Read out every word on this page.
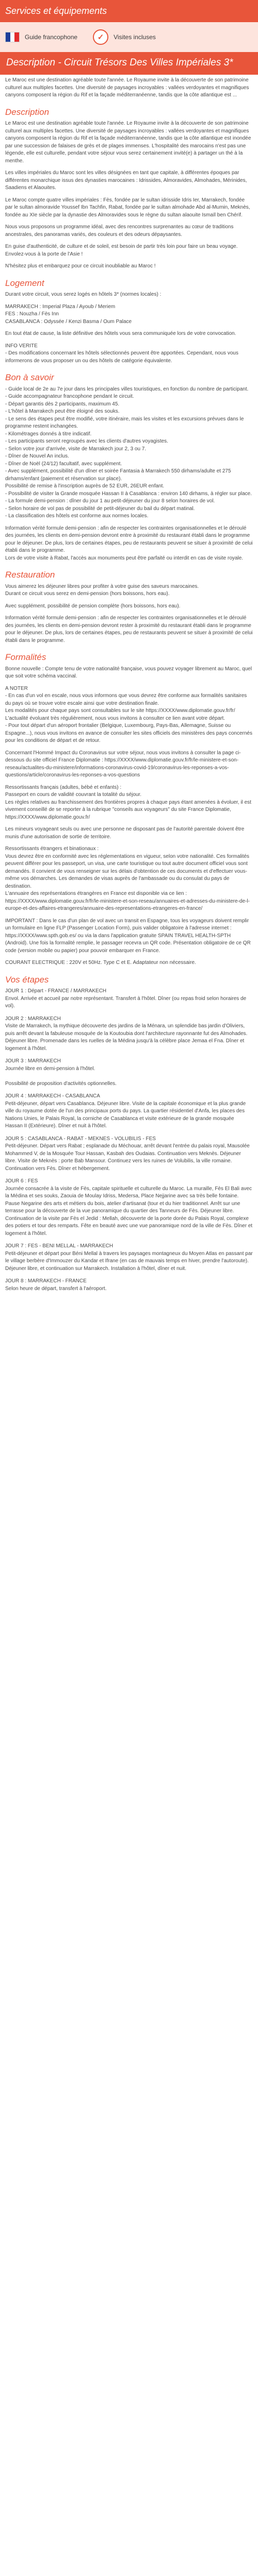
Services et équipements
Guide francophone	✓	Visites incluses
Description - Circuit Trésors Des Villes Impériales 3*

Le Maroc est une destination agréable toute l'année. Le Royaume invite à la découverte de son patrimoine culturel aux multiples facettes. Une diversité de paysages incroyables : vallées verdoyantes et magnifiques canyons composent la région du Rif et la façade méditerranéenne, tandis que la côte atlantique est ...

Description

Le Maroc est une destination agréable toute l'année. Le Royaume invite à la découverte de son patrimoine culturel aux multiples facettes. Une diversité de paysages incroyables : vallées verdoyantes et magnifiques canyons composent la région du Rif et la façade méditerranéenne, tandis que la côte atlantique est inondée par une succession de falaises de grès et de plages immenses. L'hospitalité des marocains n'est pas une légende, elle est culturelle, pendant votre séjour vous serez certainement invité(e) à partager un thé à la menthe.

Les villes impériales du Maroc sont les villes désignées en tant que capitale, à différentes époques par différentes monarchique issus des dynasties marocaines : Idrissides, Almoravides, Almohades, Mérinides, Saadiens et Alaouites.

Le Maroc compte quatre villes impériales : Fès, fondée par le sultan idrisside Idris Ier, Marrakech, fondée par le sultan almoravide Youssef Ibn Tachfin, Rabat, fondée par le sultan almohade Abd al-Mumin, Meknès, fondée au XIe siècle par la dynastie des Almoravides sous le règne du sultan alaouite Ismaïl ben Chérif.

Nous vous proposons un programme idéal, avec des rencontres surprenantes au cœur de traditions ancestrales, des panoramas variés, des couleurs et des odeurs dépaysantes.

En guise d'authenticité, de culture et de soleil, est besoin de partir très loin pour faire un beau voyage. Envolez-vous à la porte de l'Asie !

N'hésitez plus et embarquez pour ce circuit inoubliable au Maroc !

Logement

Durant votre circuit, vous serez logés en hôtels 3* (normes locales) :

MARRAKECH : Imperial Plaza / Ayoub / Meriem
FES : Nouzha / Fès Inn
CASABLANCA : Odyssée / Kenzi Basma / Oum Palace

En tout état de cause, la liste définitive des hôtels vous sera communiquée lors de votre convocation.

INFO VERITE
- Des modifications concernant les hôtels sélectionnés peuvent être apportées. Cependant, nous vous informerons de vous proposer un ou des hôtels de catégorie équivalente.

Bon à savoir

- Guide local de 2e au 7e jour dans les principales villes touristiques, en fonction du nombre de participant.
- Guide accompagnateur francophone pendant le circuit.
- Départ garantis dès 2 participants, maximum 45.
- L'hôtel à Marrakech peut être éloigné des souks.
- Le sens des étapes peut être modifié, votre itinéraire, mais les visites et les excursions prévues dans le programme restent inchangées.
- Kilométrages donnés à titre indicatif.
- Les participants seront regroupés avec les clients d'autres voyagistes.
- Selon votre jour d'arrivée, visite de Marrakech jour 2, 3 ou 7.
- Dîner de Nouvel An inclus.
- Dîner de Noël (24/12) facultatif, avec supplément.
- Avec supplément, possibilité d'un dîner et soirée Fantasia à Marrakech 550 dirhams/adulte et 275 dirhams/enfant (paiement et réservation sur place).
Possibilité de remise à l'inscription auprès de 52 EUR, 26EUR enfant.
- Possibilité de visiter la Grande mosquée Hassan II à Casablanca : environ 140 dirhams, à régler sur place.
- La formule demi-pension : dîner du jour 1 au petit-déjeuner du jour 8 selon horaires de vol.
- Selon horaire de vol pas de possibilité de petit-déjeuner du bail du départ matinal.
- La classification des hôtels est conforme aux normes locales.

Information vérité formule demi-pension : afin de respecter les contraintes organisationnelles et le déroulé des journées, les clients en demi-pension devront entre à proximité du restaurant établi dans le programme pour le déjeuner. De plus, lors de certaines étapes, peu de restaurants peuvent se situer à proximité de celui établi dans le programme.
Lors de votre visite à Rabat, l'accès aux monuments peut être parfaité ou interdit en cas de visite royale.

Restauration

Vous aimerez les déjeuner libres pour profiter à votre guise des saveurs marocaines.
Durant ce circuit vous serez en demi-pension (hors boissons, hors eau).

Avec supplément, possibilité de pension complète (hors boissons, hors eau).

Information vérité formule demi-pension : afin de respecter les contraintes organisationnelles et le déroulé des journées, les clients en demi-pension devront rester à proximité du restaurant établi dans le programme pour le déjeuner. De plus, lors de certaines étapes, peu de restaurants peuvent se situer à proximité de celui établi dans le programme.

Formalités

Bonne nouvelle : Compte tenu de votre nationalité française, vous pouvez voyager librement au Maroc, quel que soit votre schéma vaccinal.

A NOTER
- En cas d'un vol en escale, nous vous informons que vous devrez être conforme aux formalités sanitaires du pays où se trouve votre escale ainsi que votre destination finale.
Les modalités pour chaque pays sont consultables sur le site https://XXXX/www.diplomatie.gouv.fr/fr/ L'actualité évoluant très régulièrement, nous vous invitons à consulter ce lien avant votre départ.
- Pour tout départ d'un aéroport frontalier (Belgique, Luxembourg, Pays-Bas, Allemagne, Suisse ou Espagne...), nous vous invitons en avance de consulter les sites officiels des ministères des pays concernés pour les conditions de départ et de retour.

Concernant l'Hommé Impact du Coronavirus sur votre séjour, nous vous invitons à consulter la page ci-dessous du site officiel France Diplomatie : https://XXXX/www.diplomatie.gouv.fr/fr/le-ministere-et-son-reseau/actualites-du-ministere/informations-coronavirus-covid-19/coronavirus-les-reponses-a-vos-questions/article/coronavirus-les-reponses-a-vos-questions

Ressortissants français (adultes, bébé et enfants) :
Passeport en cours de validité couvrant la totalité du séjour.
Les règles relatives au franchissement des frontières propres à chaque pays étant amenées à évoluer, il est vivement conseillé de se reporter à la rubrique "conseils aux voyageurs" du site France Diplomatie, https://XXXX/www.diplomatie.gouv.fr/

Les mineurs voyageant seuls ou avec une personne ne disposant pas de l'autorité parentale doivent être munis d'une autorisation de sortie de territoire.

Ressortissants étrangers et binationaux :
Vous devrez être en conformité avec les réglementations en vigueur, selon votre nationalité. Ces formalités peuvent différer pour les passeport, un visa, une carte touristique ou tout autre document officiel vous sont demandés. Il convient de vous renseigner sur les délais d'obtention de ces documents et d'effectuer vous-même vos démarches. Les demandes de visas auprès de l'ambassade ou du consulat du pays de destination.
L'annuaire des représentations étrangères en France est disponible via ce lien : https://XXXX/www.diplomatie.gouv.fr/fr/le-ministere-et-son-reseau/annuaires-et-adresses-du-ministere-de-l-europe-et-des-affaires-etrangeres/annuaire-des-representations-etrangeres-en-france/

IMPORTANT : Dans le cas d'un plan de vol avec un transit en Espagne, tous les voyageurs doivent remplir un formulaire en ligne FLP (Passenger Location Form), puis valider obligatoire à l'adresse internet :
https://XXXX/www.spth.gob.es/ ou via la dans l'application gratuite SPAIN TRAVEL HEALTH-SPTH (Android). Une fois la formalité remplie, le passager recevra un QR code. Présentation obligatoire de ce QR code (version mobile ou papier) pour pouvoir embarquer en France.

COURANT ELECTRIQUE : 220V et 50Hz. Type C et E. Adaptateur non nécessaire.

Vos étapes
JOUR 1 : Départ - FRANCE / MARRAKECH
Envol. Arrivée et accueil par notre représentant. Transfert à l'hôtel. Dîner (ou repas froid selon horaires de vol).
JOUR 2 : MARRAKECH
Visite de Marrakech, la mythique découverte des jardins de la Ménara, un splendide bas jardin d'Oliviers, puis arrêt devant la fabuleuse mosquée de la Koutoubia dont l'architecture rayonnante fut des Almohades. Déjeuner libre. Promenade dans les ruelles de la Médina jusqu'à la célèbre place Jemaa el Fna. Dîner et logement à l'hôtel.
JOUR 3 : MARRAKECH
Journée libre en demi-pension à l'hôtel.

Possibilité de proposition d'activités optionnelles.
JOUR 4 : MARRAKECH - CASABLANCA
Petit-déjeuner, départ vers Casablanca. Déjeuner libre. Visite de la capitale économique et la plus grande ville du royaume dotée de l'un des principaux ports du pays. La quartier résidentiel d'Anfa, les places des Nations Unies, le Palais Royal, la corniche de Casablanca et visite extérieure de la grande mosquée Hassan II (Extérieure). Dîner et nuit à l'hôtel.
JOUR 5 : CASABLANCA - RABAT - MEKNES - VOLUBILIS - FES
Petit-déjeuner. Départ vers Rabat ; esplanade du Méchouar, arrêt devant l'entrée du palais royal, Mausolée Mohammed V, de la Mosquée Tour Hassan, Kasbah des Oudaias. Continuation vers Meknès. Déjeuner libre. Visite de Meknès : porte Bab Mansour. Continuez vers les ruines de Volubilis, la ville romaine. Continuation vers Fès. Dîner et hébergement.
JOUR 6 : FES
Journée consacrée à la visite de Fès, capitale spirituelle et culturelle du Maroc. La muraille, Fès El Bali avec la Médina et ses souks, Zaouia de Moulay Idriss, Medersa, Place Nejjarine avec sa très belle fontaine. Pause Negarine des arts et métiers du bois, atelier d'artisanat (tour et du hier traditionnel. Arrêt sur une terrasse pour la découverte de la vue panoramique du quartier des Tanneurs de Fès. Déjeuner libre. Continuation de la visite par Fès el Jedid : Mellah, découverte de la porte dorée du Palais Royal, complexe des potiers et tour des remparts. Fête en beauté avec une vue panoramique nord de la ville de Fès. Dîner et logement à l'hôtel.
JOUR 7 : FES - BENI MELLAL - MARRAKECH
Petit-déjeuner et départ pour Béni Mellal à travers les paysages montagneux du Moyen Atlas en passant par le village berbère d'Immouzer du Kandar et Ifrane (en cas de mauvais temps en hiver, prendre l'autoroute). Déjeuner libre, et continuation sur Marrakech. Installation à l'hôtel, dîner et nuit.
JOUR 8 : MARRAKECH - FRANCE
Selon heure de départ, transfert à l'aéroport.
